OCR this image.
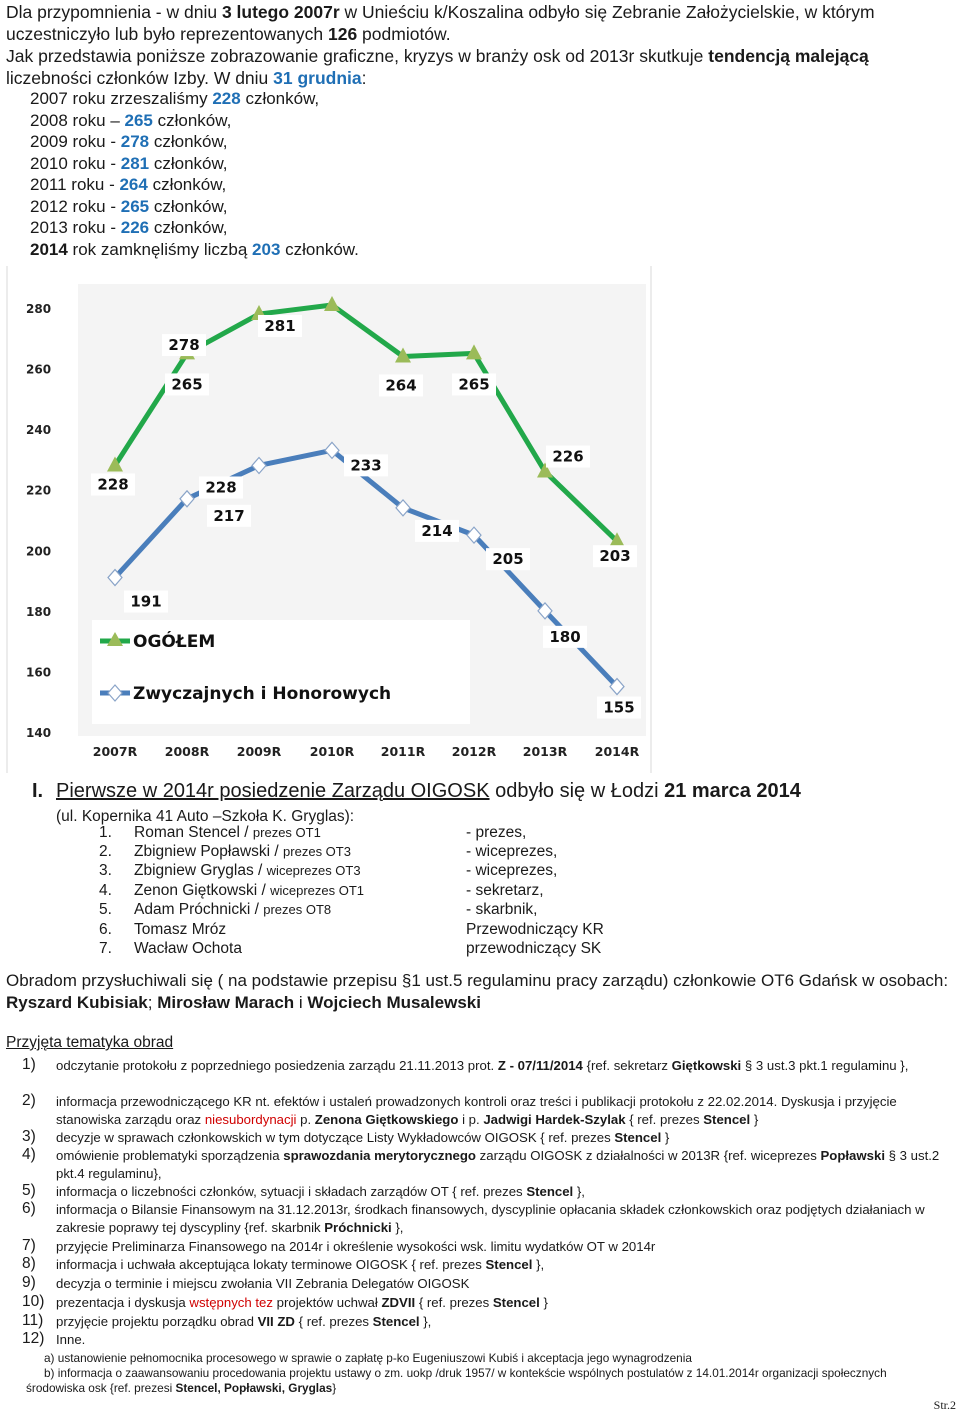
Dla przypomnienia - w dniu 3 lutego 2007r w Unieściu k/Koszalina odbyło się Zebranie Założycielskie, w którym uczestniczyło lub było reprezentowanych 126 podmiotów.

Jak przedstawia poniższe zobrazowanie graficzne, kryzys w branży osk od 2013r skutkuje tendencją malejącą liczebności członków Izby. W dniu 31 grudnia:

2007 roku zrzeszaliśmy 228 członków,
2008 roku – 265 członków,
2009 roku - 278 członków,
2010 roku - 281 członków,
2011 roku - 264 członków,
2012 roku - 265 członków,
2013 roku - 226 członków,
2014 rok zamknęliśmy liczbą 203 członków.
140
160
180
200
220
240
260
280
2007R 2008R 2009R 2010R 2011R 2012R 2013R 2014R
228
265
278
281
264	265
226
203
191
217
228
233
214
205
180
155
OGÓŁEM
Zwyczajnych i Honorowych
I. Pierwsze w 2014r posiedzenie Zarządu OIGOSK odbyło się w Łodzi 21 marca 2014
(ul. Kopernika 41 Auto –Szkoła K. Gryglas):
1. Roman Stencel / prezes OT1	- prezes,
2. Zbigniew Popławski / prezes OT3	- wiceprezes,
3. Zbigniew Gryglas / wiceprezes OT3	- wiceprezes,
4. Zenon Giętkowski / wiceprezes OT1	- sekretarz,
5. Adam Próchnicki / prezes OT8	- skarbnik,
6. Tomasz Mróz	Przewodniczący KR
7. Wacław Ochota	przewodniczący SK
Obradom przysłuchiwali się ( na podstawie przepisu §1 ust.5 regulaminu pracy zarządu) członkowie OT6 Gdańsk w osobach: Ryszard Kubisiak; Mirosław Marach i Wojciech Musalewski
Przyjęta tematyka obrad
1) odczytanie protokołu z poprzedniego posiedzenia zarządu 21.11.2013 prot. Z - 07/11/2014 {ref. sekretarz Giętkowski § 3 ust.3 pkt.1 regulaminu },
2) informacja przewodniczącego KR nt. efektów i ustaleń prowadzonych kontroli oraz treści i publikacji protokołu z 22.02.2014. Dyskusja i przyjęcie stanowiska zarządu oraz niesubordynacji p. Zenona Giętkowskiego i p. Jadwigi Hardek-Szylak { ref. prezes Stencel }
3) decyzje w sprawach członkowskich w tym dotyczące Listy Wykładowców OIGOSK { ref. prezes Stencel }
4) omówienie problematyki sporządzenia sprawozdania merytorycznego zarządu OIGOSK z działalności w 2013R {ref. wiceprezes Popławski § 3 ust.2 pkt.4 regulaminu},
5) informacja o liczebności członków, sytuacji i składach zarządów OT { ref. prezes Stencel },
6) informacja o Bilansie Finansowym na 31.12.2013r, środkach finansowych, dyscyplinie opłacania składek członkowskich oraz podjętych działaniach w zakresie poprawy tej dyscypliny {ref. skarbnik Próchnicki },
7) przyjęcie Preliminarza Finansowego na 2014r i określenie wysokości wsk. limitu wydatków OT w 2014r
8) informacja i uchwała akceptująca lokaty terminowe OIGOSK { ref. prezes Stencel },
9) decyzja o terminie i miejscu zwołania VII Zebrania Delegatów OIGOSK
10) prezentacja i dyskusja wstępnych tez projektów uchwał ZDVII { ref. prezes Stencel }
11) przyjęcie projektu porządku obrad VII ZD { ref. prezes Stencel },
12) Inne.
a) ustanowienie pełnomocnika procesowego w sprawie o zapłatę p-ko Eugeniuszowi Kubiś i akceptacja jego wynagrodzenia
b) informacja o zaawansowaniu procedowania projektu ustawy o zm. uokp /druk 1957/ w kontekście wspólnych postulatów z 14.01.2014r organizacji społecznych środowiska osk {ref. prezesi Stencel, Popławski, Gryglas}
Str.2
